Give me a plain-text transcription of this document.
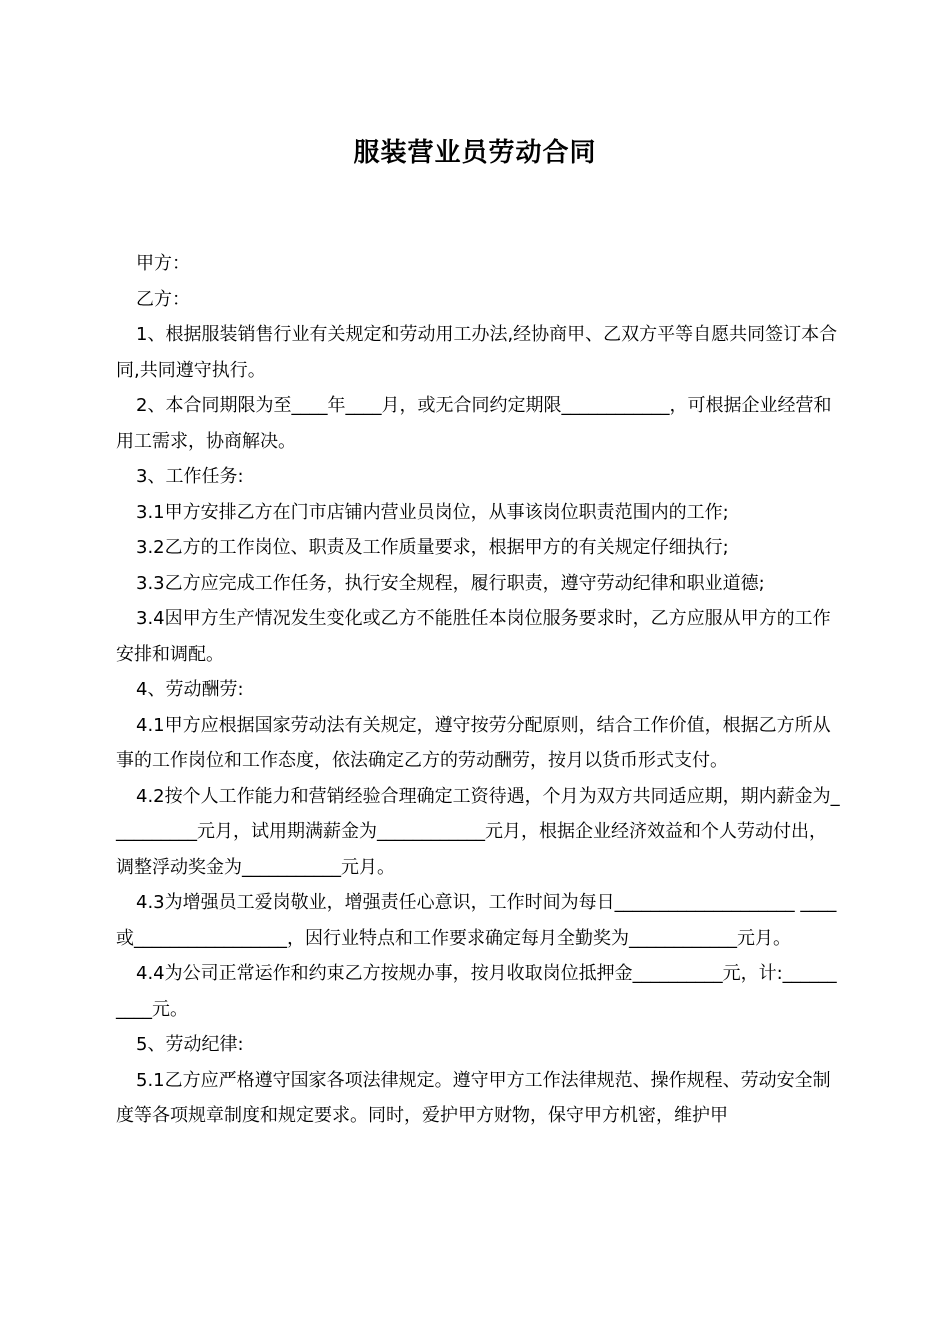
服装营业员劳动合同

甲方：

乙方：

1、根据服装销售行业有关规定和劳动用工办法,经协商甲、乙双方平等自愿共同签订本合同,共同遵守执行。

2、本合同期限为至____年____月，或无合同约定期限____________，可根据企业经营和用工需求，协商解决。

3、工作任务:

3.1甲方安排乙方在门市店铺内营业员岗位，从事该岗位职责范围内的工作;

3.2乙方的工作岗位、职责及工作质量要求，根据甲方的有关规定仔细执行;

3.3乙方应完成工作任务，执行安全规程，履行职责，遵守劳动纪律和职业道德;

3.4因甲方生产情况发生变化或乙方不能胜任本岗位服务要求时，乙方应服从甲方的工作安排和调配。

4、劳动酬劳:

4.1甲方应根据国家劳动法有关规定，遵守按劳分配原则，结合工作价值，根据乙方所从事的工作岗位和工作态度，依法确定乙方的劳动酬劳，按月以货币形式支付。

4.2按个人工作能力和营销经验合理确定工资待遇，个月为双方共同适应期，期内薪金为__________元月，试用期满薪金为____________元月，根据企业经济效益和个人劳动付出，调整浮动奖金为___________元月。

4.3为增强员工爱岗敬业，增强责任心意识，工作时间为每日____________________ ____或_________________，因行业特点和工作要求确定每月全勤奖为____________元月。

4.4为公司正常运作和约束乙方按规办事，按月收取岗位抵押金__________元，计:__________元。

5、劳动纪律:

5.1乙方应严格遵守国家各项法律规定。遵守甲方工作法律规范、操作规程、劳动安全制度等各项规章制度和规定要求。同时，爱护甲方财物，保守甲方机密，维护甲
